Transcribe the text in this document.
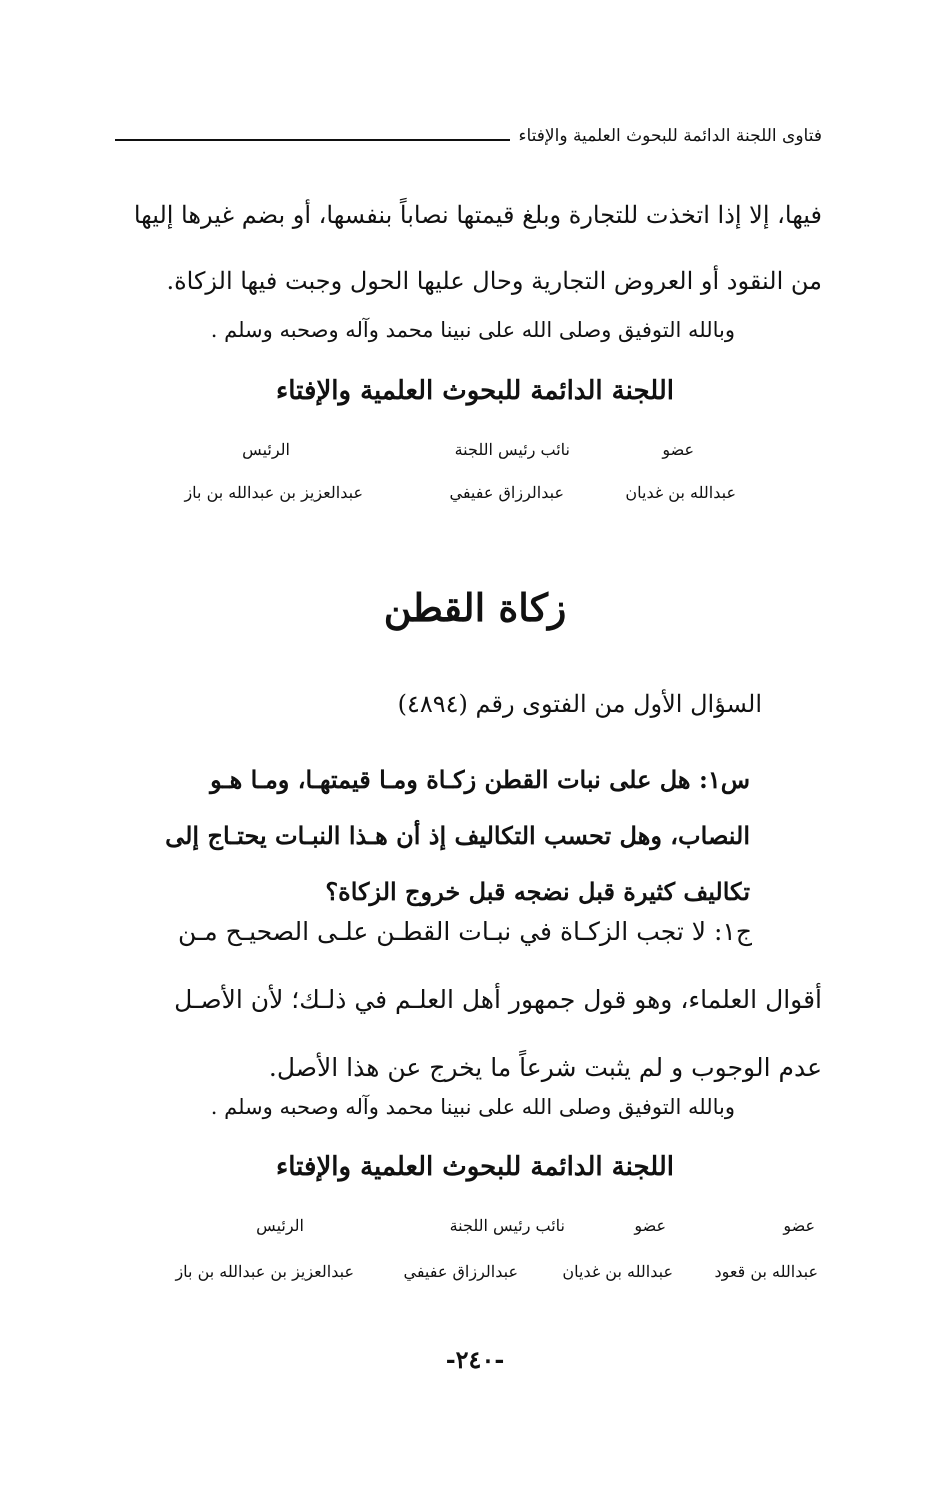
فتاوى اللجنة الدائمة للبحوث العلمية والإفتاء
فيها، إلا إذا اتخذت للتجارة وبلغ قيمتها نصاباً بنفسها، أو بضم غيرها إليها
من النقود أو العروض التجارية وحال عليها الحول وجبت فيها الزكاة.
وبالله التوفيق وصلى الله على نبينا محمد وآله وصحبه وسلم .
اللجنة الدائمة للبحوث العلمية والإفتاء
عضو
نائب رئيس اللجنة
الرئيس
عبدالله بن غديان
عبدالرزاق عفيفي
عبدالعزيز بن عبدالله بن باز
زكاة القطن
السؤال الأول من الفتوى رقم (٤٨٩٤)
س١: هل على نبات القطن زكـاة ومـا قيمتهـا، ومـا هـو
النصاب، وهل تحسب التكاليف إذ أن هـذا النبـات يحتـاج إلى
تكاليف كثيرة قبل نضجه قبل خروج الزكاة؟
ج١: لا تجب الزكـاة في نبـات القطـن علـى الصحيـح مـن
أقوال العلماء، وهو قول جمهور أهل العلـم في ذلـك؛ لأن الأصـل
عدم الوجوب و لم يثبت شرعاً ما يخرج عن هذا الأصل.
وبالله التوفيق وصلى الله على نبينا محمد وآله وصحبه وسلم .
اللجنة الدائمة للبحوث العلمية والإفتاء
عضو
عضو
نائب رئيس اللجنة
الرئيس
عبدالله بن قعود
عبدالله بن غديان
عبدالرزاق عفيفي
عبدالعزيز بن عبدالله بن باز
-٢٤٠-
